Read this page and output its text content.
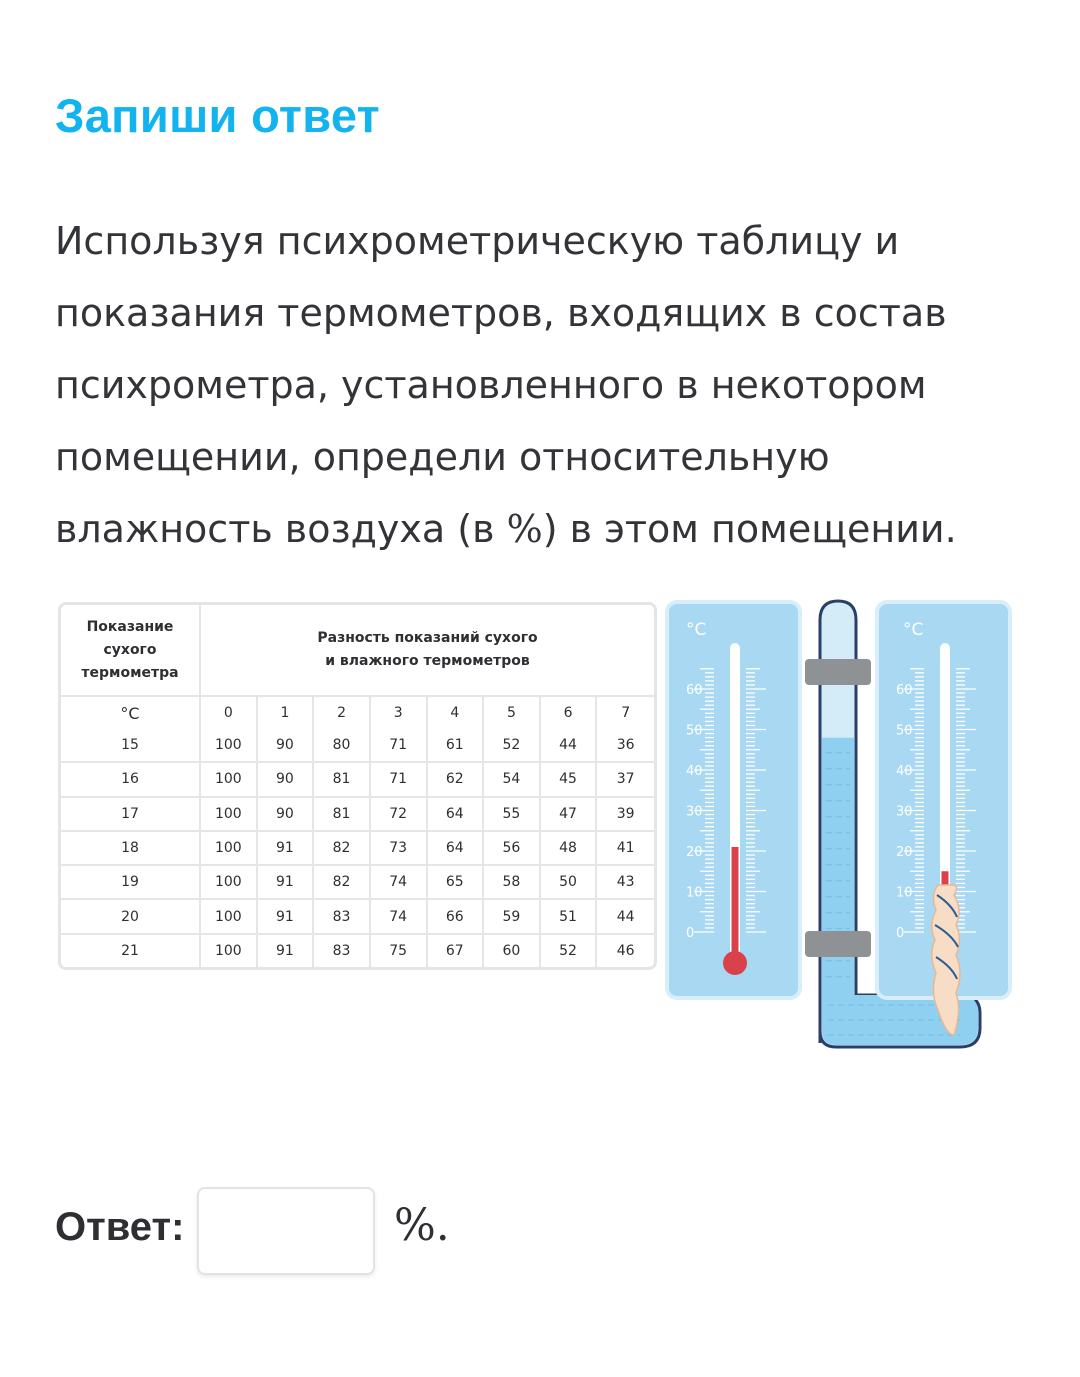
Запиши ответ

Используя психрометрическую таблицу и показания термометров, входящих в состав психрометра, установленного в некотором помещении, определи относительную влажность воздуха (в %) в этом помещении.

Показание
сухого
термометра	Разность показаний сухого
и влажного термометров							
°C	0	1	2	3	4	5	6	7
15	100	90	80	71	61	52	44	36
16	100	90	81	71	62	54	45	37
17	100	90	81	72	64	55	47	39
18	100	91	82	73	64	56	48	41
19	100	91	82	74	65	58	50	43
20	100	91	83	74	66	59	51	44
21	100	91	83	75	67	60	52	46
°C
60
50
40
30
20
10
0
°C
60
50
40
30
20
10
0

Ответ:	%.
